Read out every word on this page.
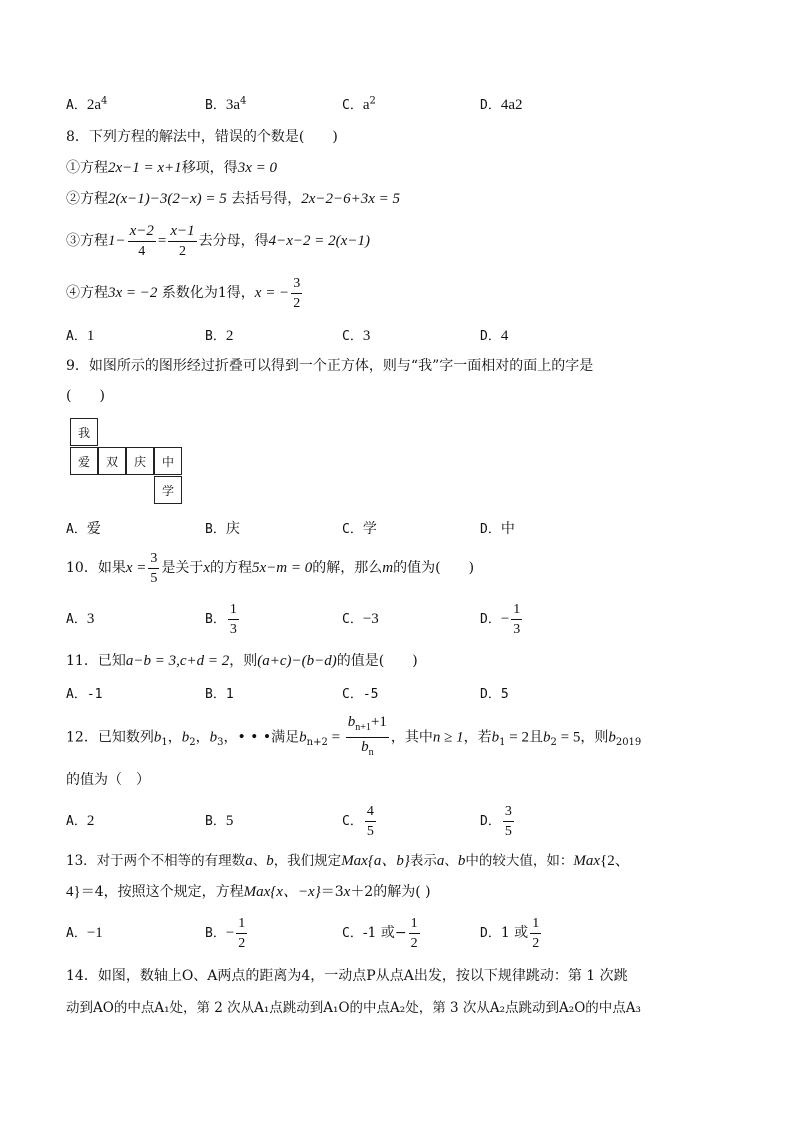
A．$2a^4$	B．$3a^4$	C．$a^2$	D．4a2
8．下列方程的解法中，错误的个数是(　　)
①方程2x−1 = x+1移项，得3x = 0
②方程2(x−1)−3(2−x) = 5 去括号得，2x−2−6+3x = 5
③方程$1- \frac{x-2}{4} = \frac{x-1}{2}$ 去分母，得4−x−2 = 2(x−1)
④方程3x = −2 系数化为1得，x = − $\frac{3}{2}$
A．1	B．2	C．3	D．4
9．如图所示的图形经过折叠可以得到一个正方体，则与“我”字一面相对的面上的字是
(　　)
我
爱	双	庆	中
学
A．爱	B．庆	C．学	D．中
10．如果$x = \frac{3}{5}$ 是关于x的方程5x−m = 0的解，那么m的值为(　　)
A．3	B． $\frac{1}{3}$	C．−3	D．− $\frac{1}{3}$
11．已知a−b = 3,c+d = 2，则(a+c)−(b−d)的值是(　　)
A．-1	B．1	C．-5	D．5
12．已知数列$b_1$，$b_2$，$b_3$，• • •满足$b_{n+2} = \frac{b_{n+1}+1}{b_n}$ ，其中n ≥ 1，若$b_1 = 2$且$b_2 = 5$，则$b_{2019}$
的值为（　）
A．2	B．5	C． $\frac{4}{5}$	D． $\frac{3}{5}$
13．对于两个不相等的有理数a、b，我们规定Max{a、b}表示a、b中的较大值，如：Max{2、
4}＝4，按照这个规定，方程Max{x、−x}＝3x＋2的解为( )
A．−1	B．− $\frac{1}{2}$	C．-1 或− $\frac{1}{2}$	D．1 或 $\frac{1}{2}$
14．如图，数轴上O、A两点的距离为4，一动点P从点A出发，按以下规律跳动：第 1 次跳
动到AO的中点A₁处，第 2 次从A₁点跳动到A₁O的中点A₂处，第 3 次从A₂点跳动到A₂O的中点A₃
